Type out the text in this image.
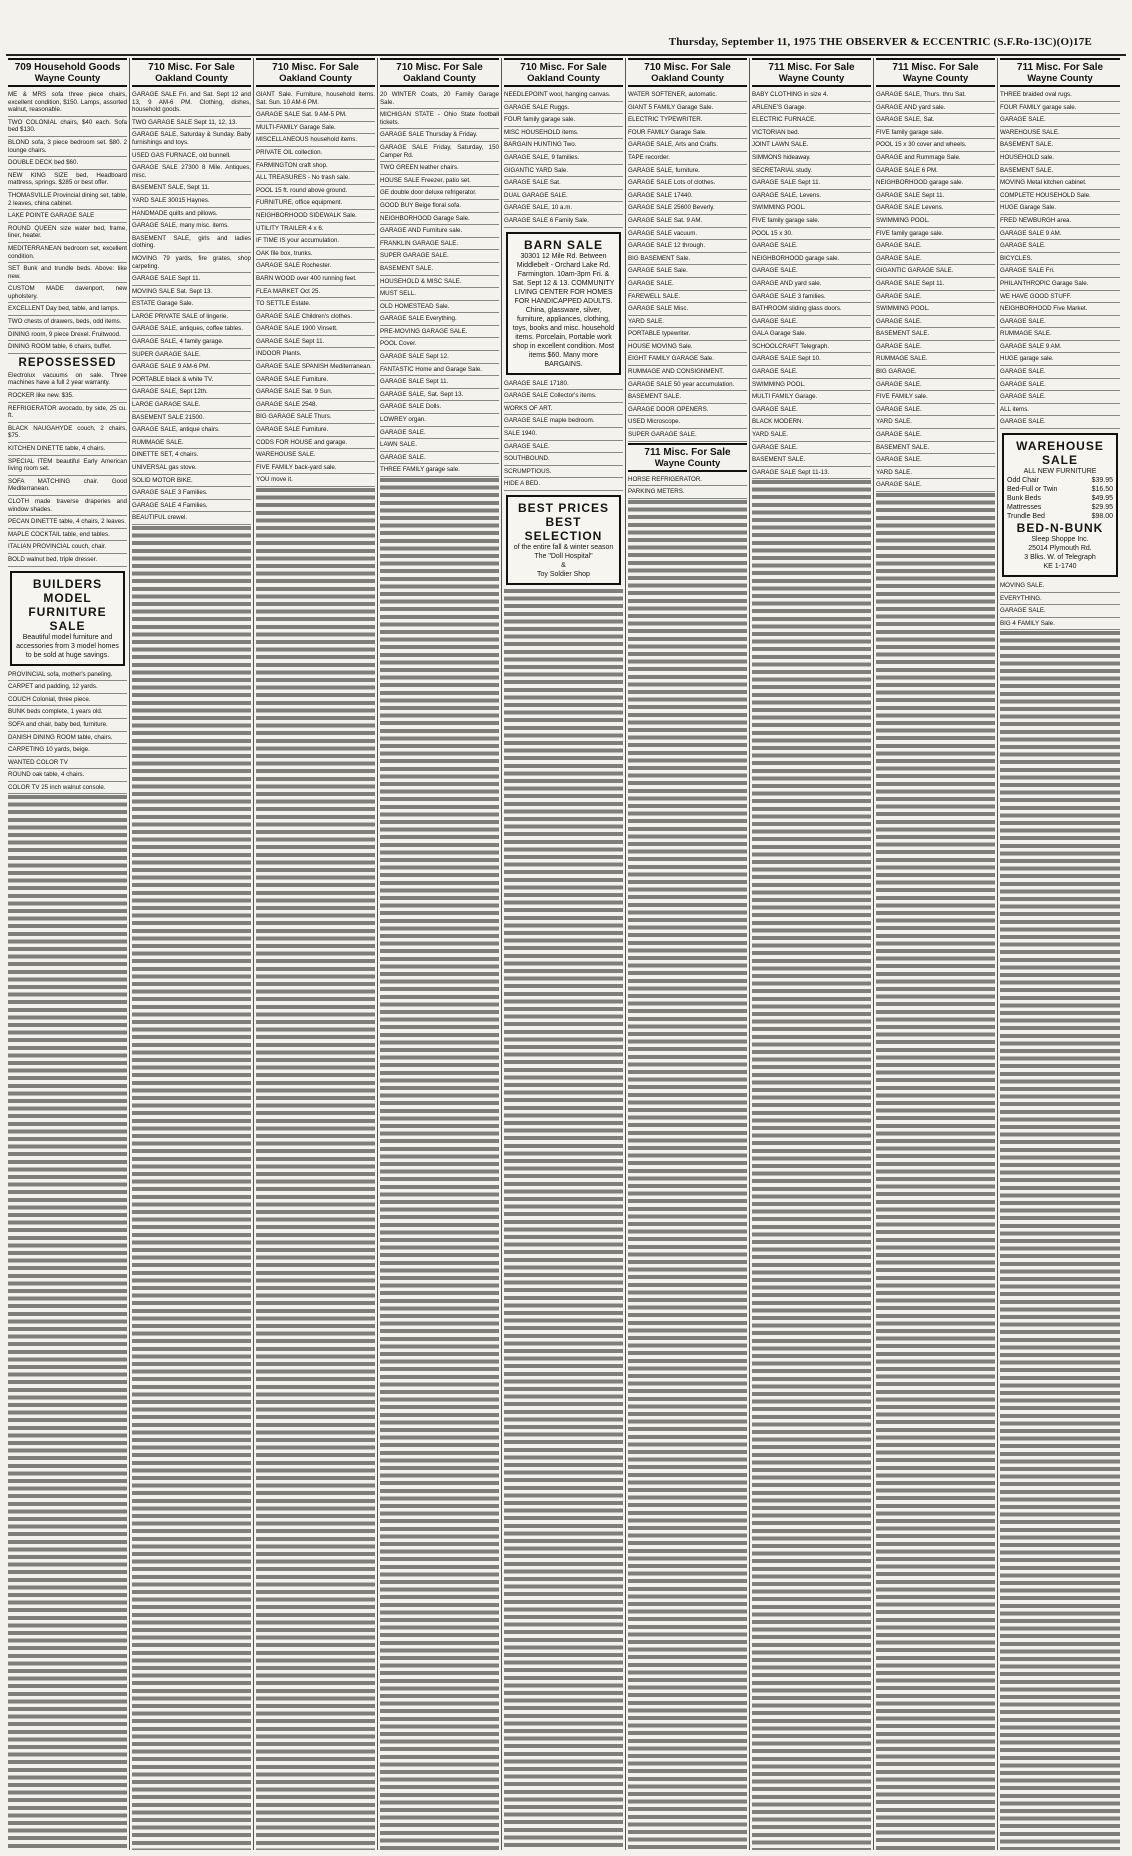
Thursday, September 11, 1975 THE OBSERVER & ECCENTRIC (S.F.Ro-13C)(O)17E
709 Household Goods
Wayne County
ME & MRS sofa three piece chairs, excellent condition, $150. Lamps, assorted walnut, reasonable.
TWO COLONIAL chairs, $40 each. Sofa bed $130.
BLOND sofa, 3 piece bedroom set. $80. 2 lounge chairs.
DOUBLE DECK bed $60.
NEW KING SIZE bed, Headboard mattress, springs. $285 or best offer.
THOMASVILLE Provincial dining set, table, 2 leaves, china cabinet.
LAKE POINTE GARAGE SALE
ROUND QUEEN size water bed, frame, liner, heater.
MEDITERRANEAN bedroom set, excellent condition.
SET Bunk and trundle beds. Above: like new.
CUSTOM MADE davenport, new upholstery.
EXCELLENT Day bed, table, and lamps.
TWO chests of drawers, beds, odd items.
DINING room, 9 piece Drexel. Fruitwood.
DINING ROOM table, 6 chairs, buffet.
REPOSSESSED
Electrolux vacuums on sale. Three machines have a full 2 year warranty.
ROCKER like new. $35.
REFRIGERATOR avocado, by side, 25 cu. ft.
BLACK NAUGAHYDE couch, 2 chairs, $75.
KITCHEN DINETTE table, 4 chairs.
SPECIAL ITEM beautiful Early American living room set.
SOFA MATCHING chair. Good Mediterranean.
CLOTH made traverse draperies and window shades.
PECAN DINETTE table, 4 chairs, 2 leaves.
MAPLE COCKTAIL table, end tables.
ITALIAN PROVINCIAL couch, chair.
BOLD walnut bed, triple dresser.
BUILDERS MODEL
FURNITURE SALE
Beautiful model furniture and accessories from 3 model homes to be sold at huge savings.
PROVINCIAL sofa, mother's paneling.
CARPET and padding, 12 yards.
COUCH Colonial, three piece.
BUNK beds complete, 1 years old.
SOFA and chair, baby bed, furniture.
DANISH DINING ROOM table, chairs.
CARPETING 10 yards, beige.
WANTED COLOR TV
ROUND oak table, 4 chairs.
COLOR TV 25 inch walnut console.
710 Misc. For Sale
Oakland County
GARAGE SALE Fri. and Sat. Sept 12 and 13, 9 AM-6 PM. Clothing, dishes, household goods.
TWO GARAGE SALE Sept 11, 12, 13.
GARAGE SALE, Saturday & Sunday. Baby furnishings and toys.
USED GAS FURNACE, old bunnell.
GARAGE SALE 27300 8 Mile. Antiques, misc.
BASEMENT SALE, Sept 11.
YARD SALE 30015 Haynes.
HANDMADE quilts and pillows.
GARAGE SALE, many misc. items.
BASEMENT SALE, girls and ladies clothing.
MOVING 79 yards, fire grates, shop carpeting.
GARAGE SALE Sept 11.
MOVING SALE Sat. Sept 13.
ESTATE Garage Sale.
LARGE PRIVATE SALE of lingerie.
GARAGE SALE, antiques, coffee tables.
GARAGE SALE, 4 family garage.
SUPER GARAGE SALE.
GARAGE SALE 9 AM-6 PM.
PORTABLE black & white TV.
GARAGE SALE, Sept 12th.
LARGE GARAGE SALE.
BASEMENT SALE 21500.
GARAGE SALE, antique chairs.
RUMMAGE SALE.
DINETTE SET, 4 chairs.
UNIVERSAL gas stove.
SOLID MOTOR BIKE.
GARAGE SALE 3 Families.
GARAGE SALE 4 Families.
BEAUTIFUL crewel.
710 Misc. For Sale
Oakland County
GIANT Sale. Furniture, household items. Sat. Sun. 10 AM-6 PM.
GARAGE SALE Sat. 9 AM-5 PM.
MULTI-FAMILY Garage Sale.
MISCELLANEOUS household items.
PRIVATE OIL collection.
FARMINGTON craft shop.
ALL TREASURES - No trash sale.
POOL 15 ft. round above ground.
FURNITURE, office equipment.
NEIGHBORHOOD SIDEWALK Sale.
UTILITY TRAILER 4 x 6.
IF TIME IS your accumulation.
OAK file box, trunks.
GARAGE SALE Rochester.
BARN WOOD over 400 running feet.
FLEA MARKET Oct 25.
TO SETTLE Estate.
GARAGE SALE Children's clothes.
GARAGE SALE 1900 Vinsett.
GARAGE SALE Sept 11.
INDOOR Plants.
GARAGE SALE SPANISH Mediterranean.
GARAGE SALE Furniture.
GARAGE SALE Sat. 9 Sun.
GARAGE SALE 2548.
BIG GARAGE SALE Thurs.
GARAGE SALE Furniture.
CODS FOR HOUSE and garage.
WAREHOUSE SALE.
FIVE FAMILY back-yard sale.
YOU move it.
710 Misc. For Sale
Oakland County
20 WINTER Coats, 20 Family Garage Sale.
MICHIGAN STATE - Ohio State football tickets.
GARAGE SALE Thursday & Friday.
GARAGE SALE Friday, Saturday, 150 Camper Rd.
TWO GREEN leather chairs.
HOUSE SALE Freezer, patio set.
GE double door deluxe refrigerator.
GOOD BUY Beige floral sofa.
NEIGHBORHOOD Garage Sale.
GARAGE AND Furniture sale.
FRANKLIN GARAGE SALE.
SUPER GARAGE SALE.
BASEMENT SALE.
HOUSEHOLD & MISC SALE.
MUST SELL.
OLD HOMESTEAD Sale.
GARAGE SALE Everything.
PRE-MOVING GARAGE SALE.
POOL Cover.
GARAGE SALE Sept 12.
FANTASTIC Home and Garage Sale.
GARAGE SALE Sept 11.
GARAGE SALE, Sat. Sept 13.
GARAGE SALE Dolls.
LOWREY organ.
GARAGE SALE.
LAWN SALE.
GARAGE SALE.
THREE FAMILY garage sale.
710 Misc. For Sale
Oakland County
NEEDLEPOINT wool, hanging canvas.
GARAGE SALE Ruggs.
FOUR family garage sale.
MISC HOUSEHOLD items.
BARGAIN HUNTING Two.
GARAGE SALE, 9 families.
GIGANTIC YARD Sale.
GARAGE SALE Sat.
DUAL GARAGE SALE.
GARAGE SALE, 10 a.m.
GARAGE SALE 6 Family Sale.
BARN SALE
30301 12 Mile Rd. Between Middlebelt - Orchard Lake Rd. Farmington. 10am-3pm Fri. & Sat. Sept 12 & 13. COMMUNITY LIVING CENTER FOR HOMES FOR HANDICAPPED ADULTS. China, glassware, silver, furniture, appliances, clothing, toys, books and misc. household items. Porcelain, Portable work shop in excellent condition. Most items $60. Many more BARGAINS.
GARAGE SALE 17180.
GARAGE SALE Collector's items.
WORKS OF ART.
GARAGE SALE maple bedroom.
SALE 1940.
GARAGE SALE.
SOUTHBOUND.
SCRUMPTIOUS.
HIDE A BED.
BEST PRICES
BEST SELECTION
of the entire fall & winter season
The "Doll Hospital"
&
Toy Soldier Shop
710 Misc. For Sale
Oakland County
WATER SOFTENER, automatic.
GIANT 5 FAMILY Garage Sale.
ELECTRIC TYPEWRITER.
FOUR FAMILY Garage Sale.
GARAGE SALE, Arts and Crafts.
TAPE recorder.
GARAGE SALE, furniture.
GARAGE SALE Lots of clothes.
GARAGE SALE 17440.
GARAGE SALE 25600 Beverly.
GARAGE SALE Sat. 9 AM.
GARAGE SALE vacuum.
GARAGE SALE 12 through.
BIG BASEMENT Sale.
GARAGE SALE Sale.
GARAGE SALE.
FAREWELL SALE.
GARAGE SALE Misc.
YARD SALE.
PORTABLE typewriter.
HOUSE MOVING Sale.
EIGHT FAMILY GARAGE Sale.
RUMMAGE AND CONSIGNMENT.
GARAGE SALE 50 year accumulation.
BASEMENT SALE.
GARAGE DOOR OPENERS.
USED Microscope.
SUPER GARAGE SALE.
711 Misc. For Sale
Wayne County
HORSE REFRIGERATOR.
PARKING METERS.
711 Misc. For Sale
Wayne County
BABY CLOTHING in size 4.
ARLENE'S Garage.
ELECTRIC FURNACE.
VICTORIAN bed.
JOINT LAWN SALE.
SIMMONS hideaway.
SECRETARIAL study.
GARAGE SALE Sept 11.
GARAGE SALE, Levens.
SWIMMING POOL.
FIVE family garage sale.
POOL 15 x 30.
GARAGE SALE.
NEIGHBORHOOD garage sale.
GARAGE SALE.
GARAGE AND yard sale.
GARAGE SALE 3 families.
BATHROOM sliding glass doors.
GARAGE SALE.
GALA Garage Sale.
SCHOOLCRAFT Telegraph.
GARAGE SALE Sept 10.
GARAGE SALE.
SWIMMING POOL.
MULTI FAMILY Garage.
GARAGE SALE.
BLACK MODERN.
YARD SALE.
GARAGE SALE.
BASEMENT SALE.
GARAGE SALE Sept 11-13.
711 Misc. For Sale
Wayne County
GARAGE SALE, Thurs. thru Sat.
GARAGE AND yard sale.
GARAGE SALE, Sat.
FIVE family garage sale.
POOL 15 x 30 cover and wheels.
GARAGE and Rummage Sale.
GARAGE SALE 6 PM.
NEIGHBORHOOD garage sale.
GARAGE SALE Sept 11.
GARAGE SALE Levens.
SWIMMING POOL.
FIVE family garage sale.
GARAGE SALE.
GARAGE SALE.
GIGANTIC GARAGE SALE.
GARAGE SALE Sept 11.
GARAGE SALE.
SWIMMING POOL.
GARAGE SALE.
BASEMENT SALE.
GARAGE SALE.
RUMMAGE SALE.
BIG GARAGE.
GARAGE SALE.
FIVE FAMILY sale.
GARAGE SALE.
YARD SALE.
GARAGE SALE.
BASEMENT SALE.
GARAGE SALE.
YARD SALE.
GARAGE SALE.
711 Misc. For Sale
Wayne County
THREE braided oval rugs.
FOUR FAMILY garage sale.
GARAGE SALE.
WAREHOUSE SALE.
BASEMENT SALE.
HOUSEHOLD sale.
BASEMENT SALE.
MOVING Metal kitchen cabinet.
COMPLETE HOUSEHOLD Sale.
HUGE Garage Sale.
FRED NEWBURGH area.
GARAGE SALE 9 AM.
GARAGE SALE.
BICYCLES.
GARAGE SALE Fri.
PHILANTHROPIC Garage Sale.
WE HAVE GOOD STUFF.
NEIGHBORHOOD Five Market.
GARAGE SALE.
RUMMAGE SALE.
GARAGE SALE 9 AM.
HUGE garage sale.
GARAGE SALE.
GARAGE SALE.
GARAGE SALE.
ALL items.
GARAGE SALE.
WAREHOUSE
SALE
ALL NEW FURNITURE
Odd Chair	$39.95
Bed-Full or Twin	$16.50
Bunk Beds	$49.95
Mattresses	$29.95
Trundle Bed	$98.00
BED-N-BUNK
Sleep Shoppe Inc.
25014 Plymouth Rd.
3 Blks. W. of Telegraph
KE 1-1740
MOVING SALE.
EVERYTHING.
GARAGE SALE.
BIG 4 FAMILY Sale.
